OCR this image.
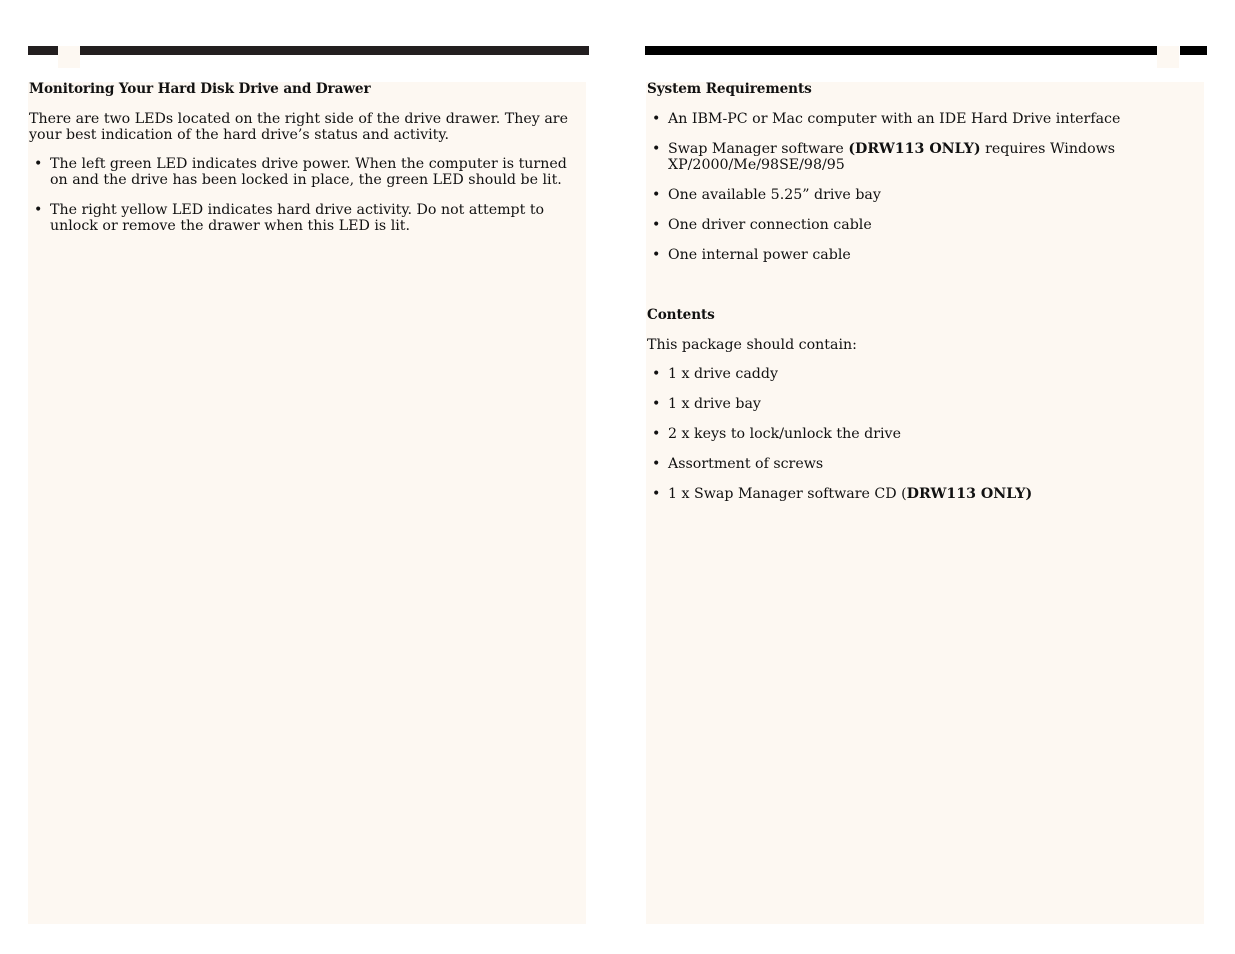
Monitoring Your Hard Disk Drive and Drawer

There are two LEDs located on the right side of the drive drawer. They are your best indication of the hard drive’s status and activity.

• The left green LED indicates drive power. When the computer is turned on and the drive has been locked in place, the green LED should be lit.
• The right yellow LED indicates hard drive activity. Do not attempt to unlock or remove the drawer when this LED is lit.
System Requirements
• An IBM-PC or Mac computer with an IDE Hard Drive interface
• Swap Manager software (DRW113 ONLY) requires Windows XP/2000/Me/98SE/98/95
• One available 5.25” drive bay
• One driver connection cable
• One internal power cable
Contents

This package should contain:

• 1 x drive caddy
• 1 x drive bay
• 2 x keys to lock/unlock the drive
• Assortment of screws
• 1 x Swap Manager software CD (DRW113 ONLY)
